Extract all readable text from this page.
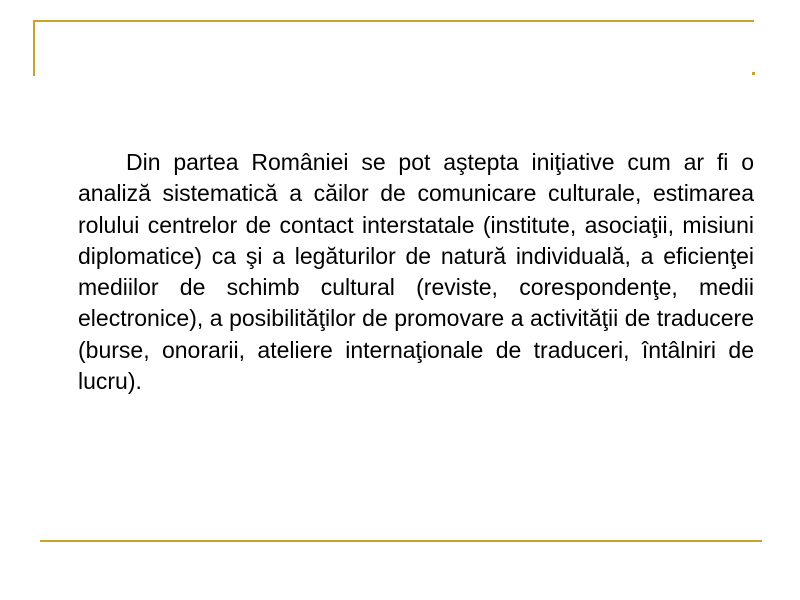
Din partea României se pot aştepta iniţiative cum ar fi o analiză sistematică a căilor de comunicare culturale, estimarea rolului centrelor de contact interstatale (institute, asociaţii, misiuni diplomatice) ca şi a legăturilor de natură individuală, a eficienţei mediilor de schimb cultural (reviste, corespondenţe, medii electronice), a posibilităţilor de promovare a activităţii de traducere (burse, onorarii, ateliere internaţionale de traduceri, întâlniri de lucru).
